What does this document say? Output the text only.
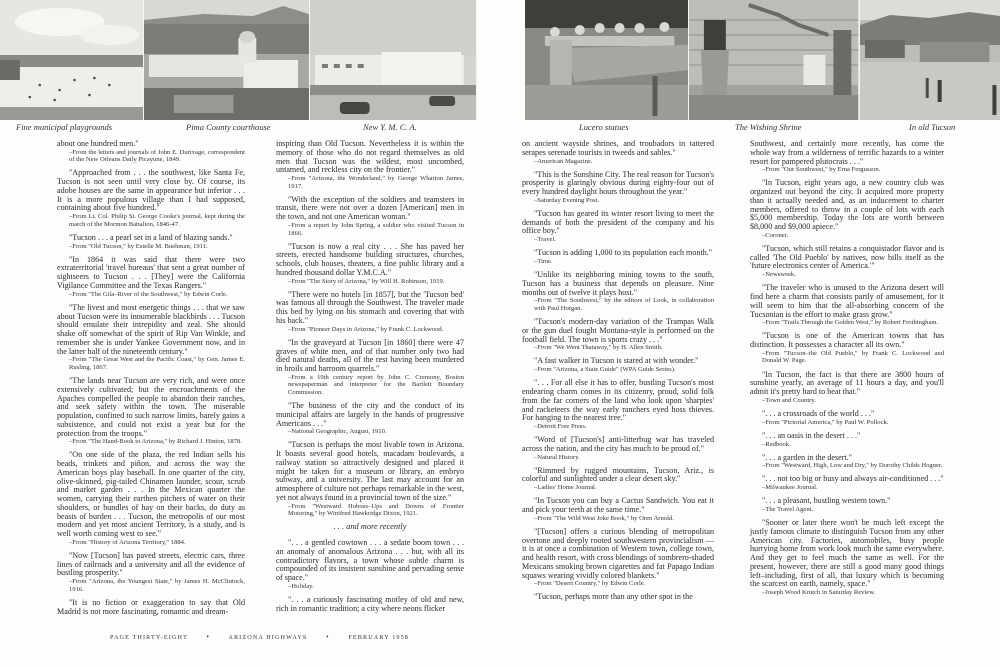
Fine municipal playgrounds	Pima County courthouse	New Y. M. C. A.

about one hundred men."

–From the letters and journals of John E. Durivage, correspondent of the New Orleans Daily Picayune, 1849.

"Approached from . . . the southwest, like Santa Fe, Tucson is not seen until very close by. Of course, its adobe houses are the same in appearance but inferior . . . It is a more populous village than I had supposed, containing about five hundred."

–From Lt. Col. Philip St. George Cooke's journal, kept during the march of the Mormon Battalion, 1846-47.

"Tucson . . . a pearl set in a land of blazing sands."

–From "Old Tucson," by Estelle M. Buehman, 1911.

"In 1864 it was said that there were two extraterritorial 'travel bureaus' that sent a great number of sightseers to Tucson . . . [They] were the California Vigilance Committee and the Texas Rangers."

–From "The Gila–River of the Southwest," by Edwin Corle.

"The livest and most energetic things . . . that we saw about Tucson were its innumerable blackbirds . . . Tucson should emulate their intrepidity and zeal. She should shake off somewhat of the spirit of Rip Van Winkle, and remember she is under Yankee Government now, and in the latter half of the nineteenth century."

–From "The Great West and the Pacific Coast," by Gen. James E. Rusling, 1867.

"The lands near Tucson are very rich, and were once extensively cultivated; but the encroachments of the Apaches compelled the people to abandon their ranches, and seek safety within the town. The miserable population, confined to such narrow limits, barely gains a subsistence, and could not exist a year but for the protection from the troops."

–From "The Hand-Book to Arizona," by Richard J. Hinton, 1878.

"On one side of the plaza, the red Indian sells his beads, trinkets and piñon, and across the way the American boys play baseball. In one quarter of the city, olive-skinned, pig-tailed Chinamen launder, scour, scrub and market garden . . . In the Mexican quarter the women, carrying their earthen pitchers of water on their shoulders, or bundles of hay on their backs, do duty as beasts of burden . . . Tucson, the metropolis of our most modern and yet most ancient Territory, is a study, and is well worth coming west to see."

–From "History of Arizona Territory," 1884.

"Now [Tucson] has paved streets, electric cars, three lines of railroads and a university and all the evidence of bustling prosperity."

–From "Arizona, the Youngest State," by James H. McClintock, 1916.

"It is no fiction or exaggeration to say that Old Madrid is not more fascinating, romantic and dream-

inspiring than Old Tucson. Nevertheless it is within the memory of those who do not regard themselves as old men that Tucson was the wildest, most uncombed, untamed, and reckless city on the frontier."

–From "Arizona, the Wonderland," by George Wharton James, 1917.

"With the exception of the soldiers and teamsters in transit, there were not over a dozen [American] men in the town, and not one American woman."

–From a report by John Spring, a soldier who visited Tucson in 1866.

"Tucson is now a real city . . . She has paved her streets, erected handsome building structures, churches, schools, club houses, theaters, a fine public library and a hundred thousand dollar Y.M.C.A."

–From "The Story of Arizona," by Will H. Robinson, 1919.

"There were no hotels [in 1857], but the 'Tucson bed' was famous all through the Southwest. The traveler made this bed by lying on his stomach and covering that with his back."

–From "Pioneer Days in Arizona," by Frank C. Lockwood.

"In the graveyard at Tucson [in 1860] there were 47 graves of white men, and of that number only two had died natural deaths, all of the rest having been murdered in broils and barroom quarrels."

–From a 19th century report by John C. Cremony, Boston newspaperman and interpreter for the Bartlett Boundary Commission.

"The business of the city and the conduct of its municipal affairs are largely in the hands of progressive Americans . . ."

–National Geographic, August, 1910.

"Tucson is perhaps the most livable town in Arizona. It boasts several good hotels, macadam boulevards, a railway station so attractively designed and placed it might be taken for a museum or library, an embryo subway, and a university. The last may account for an atmosphere of culture not perhaps remarkable in the west, yet not always found in a provincial town of the size."

–From "Westward Hoboes–Ups and Downs of Frontier Motoring," by Winifred Hawkridge Dixon, 1921.

. . . and more recently

". . . a gentled cowtown . . . a sedate boom town . . . an anomaly of anomalous Arizona . . . but, with all its contradictory flavors, a town whose subtle charm is compounded of its insistent sunshine and pervading sense of space."

–Holiday.

". . . a curiously fascinating motley of old and new, rich in romantic tradition; a city where neons flicker

PAGE THIRTY-EIGHT	•	ARIZONA HIGHWAYS	•	FEBRUARY 1958
Lucero statues	The Wishing Shrine	In old Tucson

on ancient wayside shrines, and troubadors in tattered serapes serenade tourists in tweeds and sables."

–American Magazine.

"This is the Sunshine City. The real reason for Tucson's prosperity is glaringly obvious during eighty-four out of every hundred daylight hours throughout the year."

–Saturday Evening Post.

"Tucson has geared its winter resort living to meet the demands of both the president of the company and his office boy."

–Travel.

"Tucson is adding 1,000 to its population each month."

–Time.

"Unlike its neighboring mining towns to the south, Tucson has a business that depends on pleasure. Nine months out of twelve it plays host."

–From "The Southwest," by the editors of Look, in collaboration with Paul Horgan.

"Tucson's modern-day variation of the Trampas Walk or the gun duel fought Montana-style is performed on the football field. The town is sports crazy . . ."

–From "We Went Thataway," by H. Allen Smith.

"A fast walker in Tucson is stared at with wonder."

–From "Arizona, a State Guide" (WPA Guide Series).

". . . For all else it has to offer, bustling Tucson's most endearing charm comes in its citizenry, proud, solid folk from the far corners of the land who look upon 'sharpies' and racketeers the way early ranchers eyed hoss thieves. For hanging to the nearest tree."

–Detroit Free Press.

"Word of [Tucson's] anti-litterbug war has traveled across the nation, and the city has much to be proud of."

–Natural History.

"Rimmed by rugged mountains, Tucson, Ariz., is colorful and sunlighted under a clear desert sky."

–Ladies' Home Journal.

"In Tucson you can buy a Cactus Sandwich. You eat it and pick your teeth at the same time."

–From "The Wild West Joke Book," by Oren Arnold.

"[Tucson] offers a curious blending of metropolitan overtone and deeply rooted southwestern provincialism —it is at once a combination of Western town, college town, and health resort, with cross blendings of sombrero-shaded Mexicans smoking brown cigarettes and fat Papago Indian squaws wearing vividly colored blankets."

–From "Desert Country," by Edwin Corle.

"Tucson, perhaps more than any other spot in the

Southwest, and certainly more recently, has come the whole way from a wilderness of terrific hazards to a winter resort for pampered plutocrats . . ."

–From "Our Southwest," by Erna Fergusson.

"In Tucson, eight years ago, a new country club was organized out beyond the city. It acquired more property than it actually needed and, as an inducement to charter members, offered to throw in a couple of lots with each $5,000 membership. Today the lots are worth between $8,000 and $9,000 apiece."

–Coronet.

"Tucson, which still retains a conquistador flavor and is called 'The Old Pueblo' by natives, now bills itself as the 'future electronics center of America.'"

–Newsweek.

"The traveler who is unused to the Arizona desert will find here a charm that consists partly of amusement, for it will seem to him that the all-absorbing concern of the Tucsonian is the effort to make grass grow."

–From "Trails Through the Golden West," by Robert Frothingham.

"Tucson is one of the American towns that has distinction. It possesses a character all its own."

–From "Tucson–the Old Pueblo," by Frank C. Lockwood and Donald W. Page.

"In Tucson, the fact is that there are 3800 hours of sunshine yearly, an average of 11 hours a day, and you'll admit it's pretty hard to beat that."

–Town and Country.

". . . a crossroads of the world . . ."

–From "Pictorial America," by Paul W. Pollock.

". . . an oasis in the desert . . ."

–Redbook.

". . . a garden in the desert."

–From "Westward, High, Low and Dry," by Dorothy Childs Hogner.

". . . not too big or busy and always air-conditioned . . ."

–Milwaukee Journal.

". . . a pleasant, bustling western town."

–The Travel Agent.

"Sooner or later there won't be much left except the justly famous climate to distinguish Tucson from any other American city. Factories, automobiles, busy people hurrying home from work look much the same everywhere. And they get to feel much the same as well. For the present, however, there are still a good many good things left–including, first of all, that luxury which is becoming the scarcest on earth, namely, space."

–Joseph Wood Krutch in Saturday Review.
